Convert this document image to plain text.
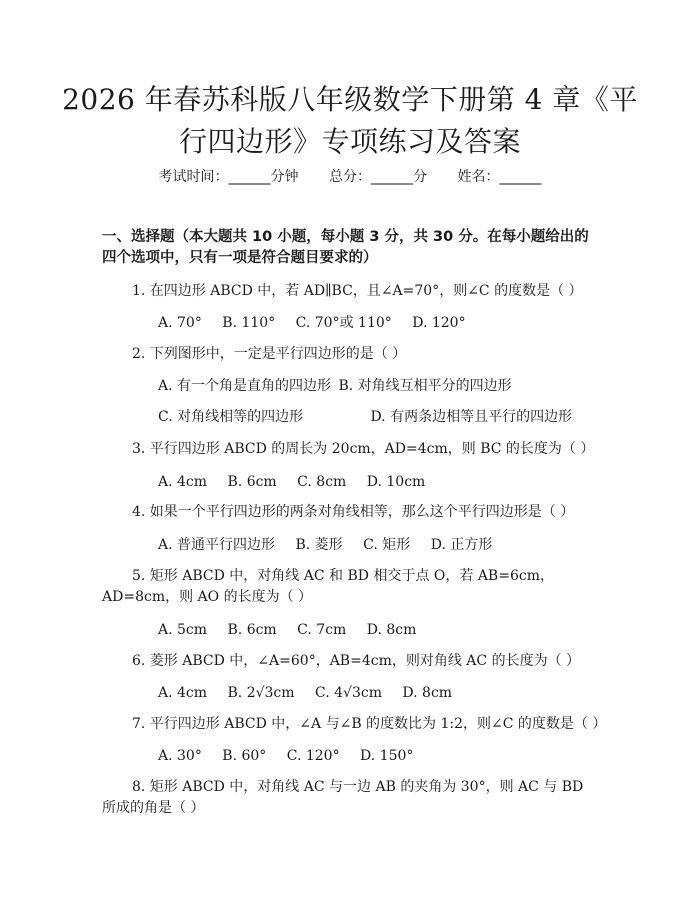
2026 年春苏科版八年级数学下册第 4 章《平行四边形》专项练习及答案
考试时间：______分钟 总分：______分 姓名：______
一、选择题（本大题共 10 小题，每小题 3 分，共 30 分。在每小题给出的四个选项中，只有一项是符合题目要求的）
1. 在四边形 ABCD 中，若 AD∥BC，且∠A=70°，则∠C 的度数是（ ）
A. 70° B. 110° C. 70°或 110° D. 120°
2. 下列图形中，一定是平行四边形的是（ ）
A. 有一个角是直角的四边形 B. 对角线互相平分的四边形
C. 对角线相等的四边形	D. 有两条边相等且平行的四边形
3. 平行四边形 ABCD 的周长为 20cm，AD=4cm，则 BC 的长度为（ ）
A. 4cm B. 6cm C. 8cm D. 10cm
4. 如果一个平行四边形的两条对角线相等，那么这个平行四边形是（ ）
A. 普通平行四边形 B. 菱形 C. 矩形 D. 正方形
5. 矩形 ABCD 中，对角线 AC 和 BD 相交于点 O，若 AB=6cm，AD=8cm，则 AO 的长度为（ ）
A. 5cm B. 6cm C. 7cm D. 8cm
6. 菱形 ABCD 中，∠A=60°，AB=4cm，则对角线 AC 的长度为（ ）
A. 4cm B. 2√3cm C. 4√3cm D. 8cm
7. 平行四边形 ABCD 中，∠A 与∠B 的度数比为 1:2，则∠C 的度数是（ ）
A. 30° B. 60° C. 120° D. 150°
8. 矩形 ABCD 中，对角线 AC 与一边 AB 的夹角为 30°，则 AC 与 BD 所成的角是（ ）
